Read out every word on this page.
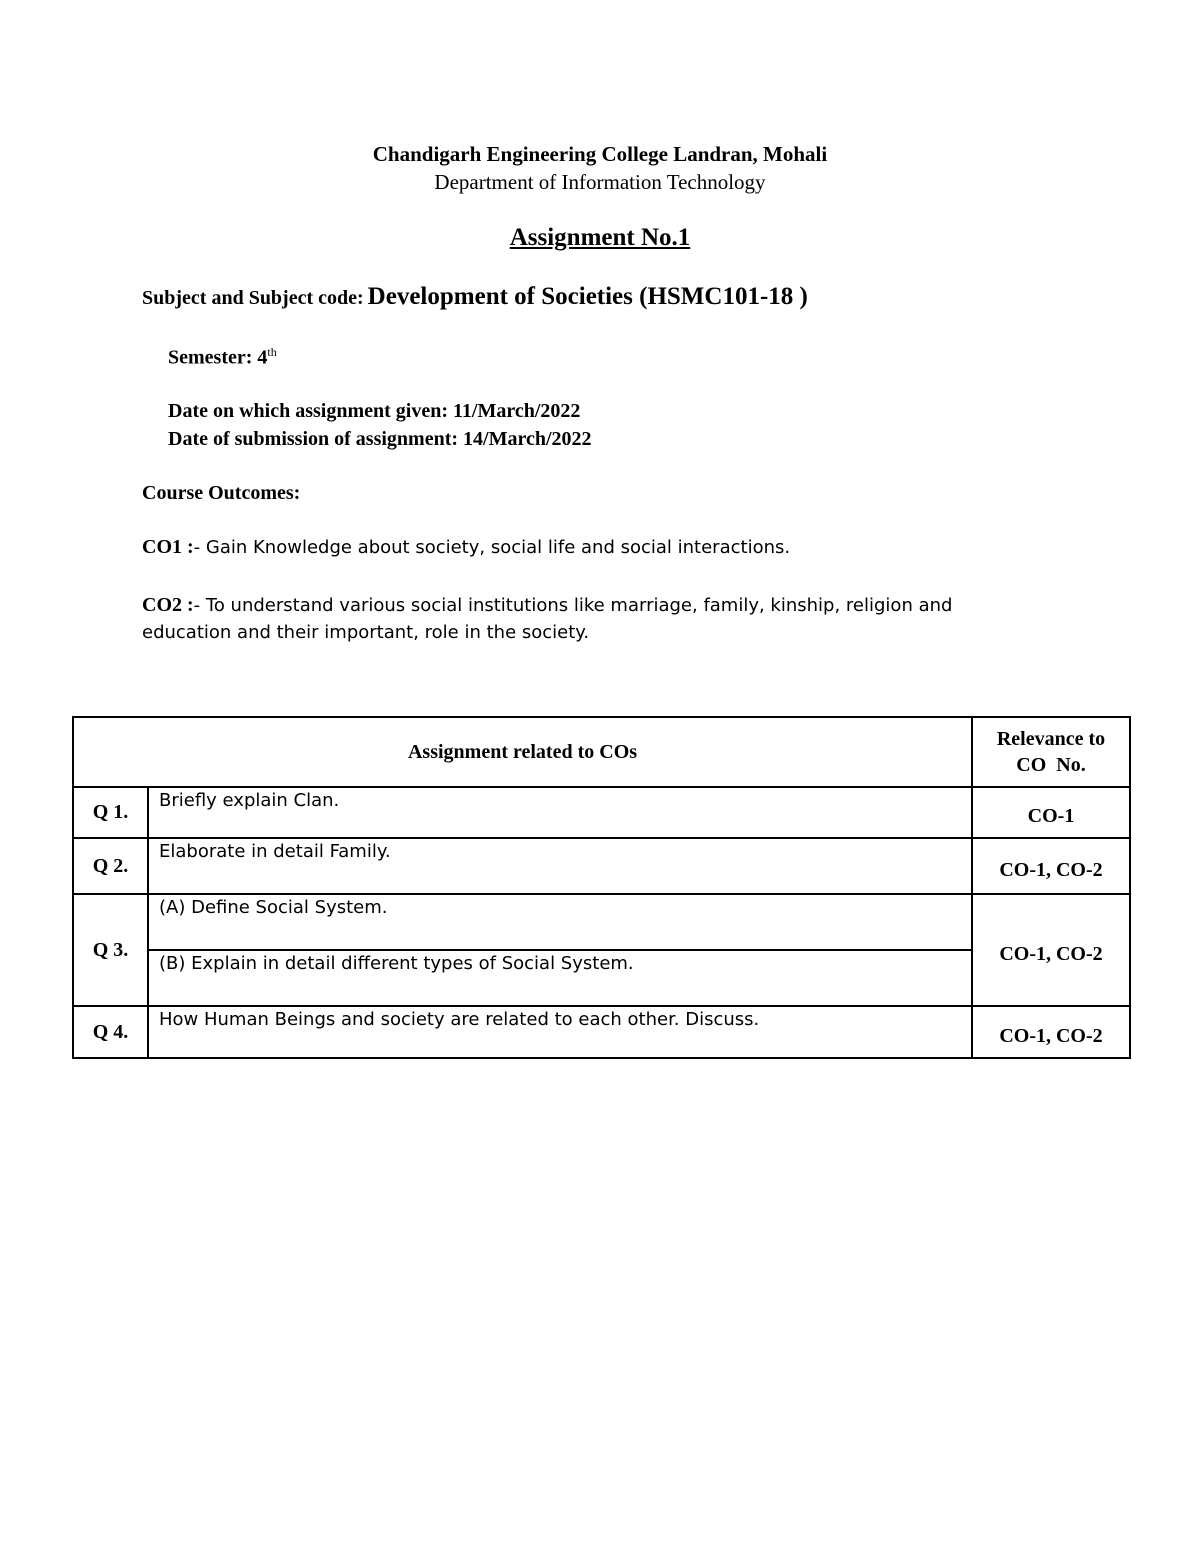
Chandigarh Engineering College Landran, Mohali
Department of Information Technology
Assignment No.1
Subject and Subject code: Development of Societies (HSMC101-18 )
Semester: 4th
Date on which assignment given: 11/March/2022
Date of submission of assignment: 14/March/2022
Course Outcomes:
CO1 :- Gain Knowledge about society, social life and social interactions.
CO2 :- To understand various social institutions like marriage, family, kinship, religion and
education and their important, role in the society.
Assignment related to COs		Relevance to
CO  No.

Q 1.	Briefly explain Clan.	CO-1
Q 2.	Elaborate in detail Family.	CO-1, CO-2
Q 3.	(A) Define Social System.	CO-1, CO-2
	(B) Explain in detail different types of Social System.	
Q 4.	How Human Beings and society are related to each other. Discuss.	CO-1, CO-2
